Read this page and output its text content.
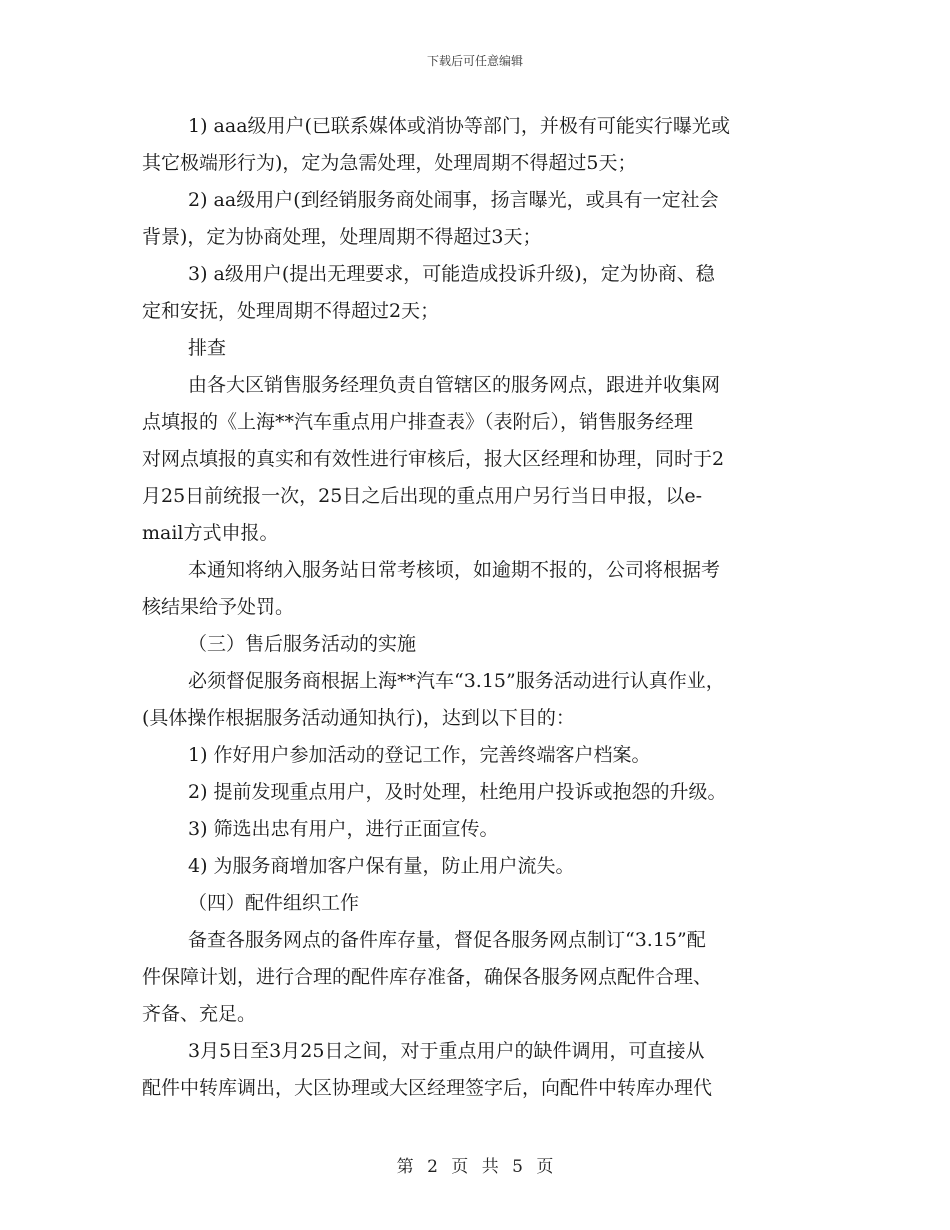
下载后可任意编辑
1) aaa级用户(已联系媒体或消协等部门，并极有可能实行曝光或
其它极端形行为)，定为急需处理，处理周期不得超过5天；
2) aa级用户(到经销服务商处闹事，扬言曝光，或具有一定社会
背景)，定为协商处理，处理周期不得超过3天；
3) a级用户(提出无理要求，可能造成投诉升级)，定为协商、稳
定和安抚，处理周期不得超过2天；
排查
由各大区销售服务经理负责自管辖区的服务网点，跟进并收集网
点填报的《上海**汽车重点用户排查表》（表附后），销售服务经理
对网点填报的真实和有效性进行审核后，报大区经理和协理，同时于2
月25日前统报一次，25日之后出现的重点用户另行当日申报，以e-
mail方式申报。
本通知将纳入服务站日常考核顷，如逾期不报的，公司将根据考
核结果给予处罚。
（三）售后服务活动的实施
必须督促服务商根据上海**汽车“3.15”服务活动进行认真作业，
(具体操作根据服务活动通知执行)，达到以下目的：
1) 作好用户参加活动的登记工作，完善终端客户档案。
2) 提前发现重点用户，及时处理，杜绝用户投诉或抱怨的升级。
3) 筛选出忠有用户，进行正面宣传。
4) 为服务商增加客户保有量，防止用户流失。
（四）配件组织工作
备查各服务网点的备件库存量，督促各服务网点制订“3.15”配
件保障计划，进行合理的配件库存准备，确保各服务网点配件合理、
齐备、充足。
3月5日至3月25日之间，对于重点用户的缺件调用，可直接从
配件中转库调出，大区协理或大区经理签字后，向配件中转库办理代
第 2 页 共 5 页
